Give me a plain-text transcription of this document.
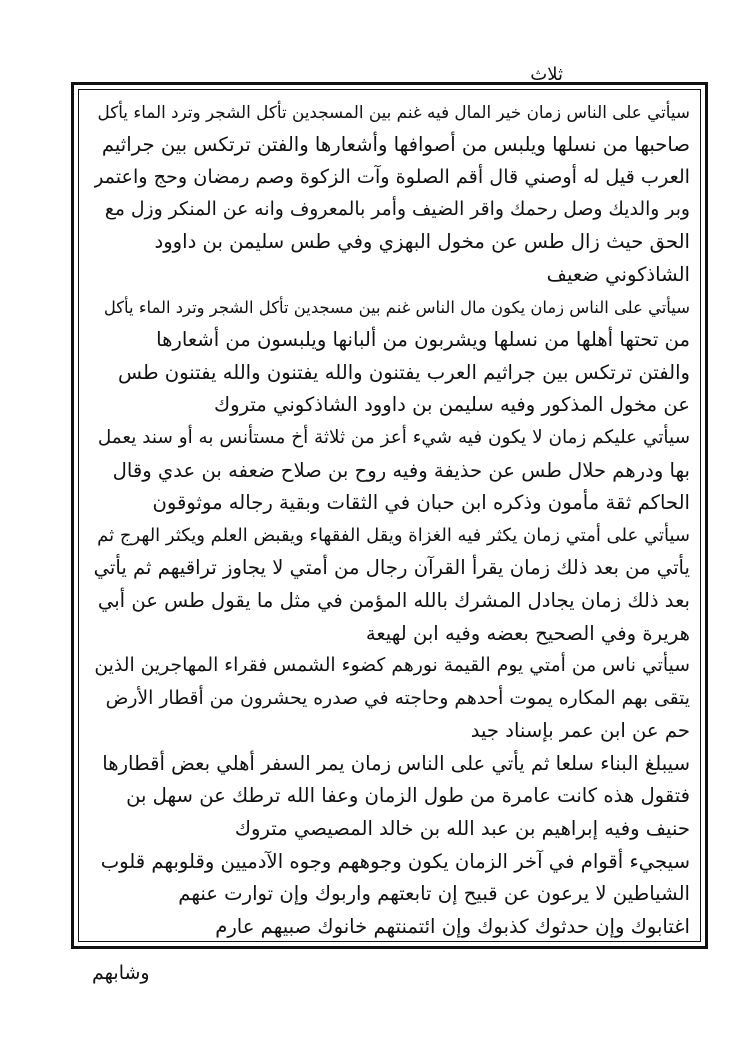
ثلاث
سيأتي على الناس زمان خير المال فيه غنم بين المسجدين تأكل الشجر وترد الماء يأكل
صاحبها من نسلها ويلبس من أصوافها وأشعارها والفتن ترتكس بين جراثيم
العرب قيل له أوصني قال أقم الصلوة وآت الزكوة وصم رمضان وحج واعتمر
وبر والديك وصل رحمك واقر الضيف وأمر بالمعروف وانه عن المنكر وزل مع
الحق حيث زال طس عن مخول البهزي وفي طس سليمن بن داوود
الشاذكوني ضعيف
سيأتي على الناس زمان يكون مال الناس غنم بين مسجدين تأكل الشجر وترد الماء يأكل
من تحتها أهلها من نسلها ويشربون من ألبانها ويلبسون من أشعارها
والفتن ترتكس بين جراثيم العرب يفتنون والله يفتنون والله يفتنون طس
عن مخول المذكور وفيه سليمن بن داوود الشاذكوني متروك
سيأتي عليكم زمان لا يكون فيه شيء أعز من ثلاثة أخ مستأنس به أو سند يعمل
بها ودرهم حلال طس عن حذيفة وفيه روح بن صلاح ضعفه بن عدي وقال
الحاكم ثقة مأمون وذكره ابن حبان في الثقات وبقية رجاله موثوقون
سيأتي على أمتي زمان يكثر فيه الغزاة ويقل الفقهاء ويقبض العلم ويكثر الهرج ثم
يأتي من بعد ذلك زمان يقرأ القرآن رجال من أمتي لا يجاوز تراقيهم ثم يأتي
بعد ذلك زمان يجادل المشرك بالله المؤمن في مثل ما يقول طس عن أبي
هريرة وفي الصحيح بعضه وفيه ابن لهيعة
سيأتي ناس من أمتي يوم القيمة نورهم كضوء الشمس فقراء المهاجرين الذين
يتقى بهم المكاره يموت أحدهم وحاجته في صدره يحشرون من أقطار الأرض
حم عن ابن عمر بإسناد جيد
سيبلغ البناء سلعا ثم يأتي على الناس زمان يمر السفر أهلي بعض أقطارها
فتقول هذه كانت عامرة من طول الزمان وعفا الله ترطك عن سهل بن
حنيف وفيه إبراهيم بن عبد الله بن خالد المصيصي متروك
سيجيء أقوام في آخر الزمان يكون وجوههم وجوه الآدميين وقلوبهم قلوب
الشياطين لا يرعون عن قبيح إن تابعتهم واربوك وإن توارت عنهم
اغتابوك وإن حدثوك كذبوك وإن ائتمنتهم خانوك صبيهم عارم
وشابهم
